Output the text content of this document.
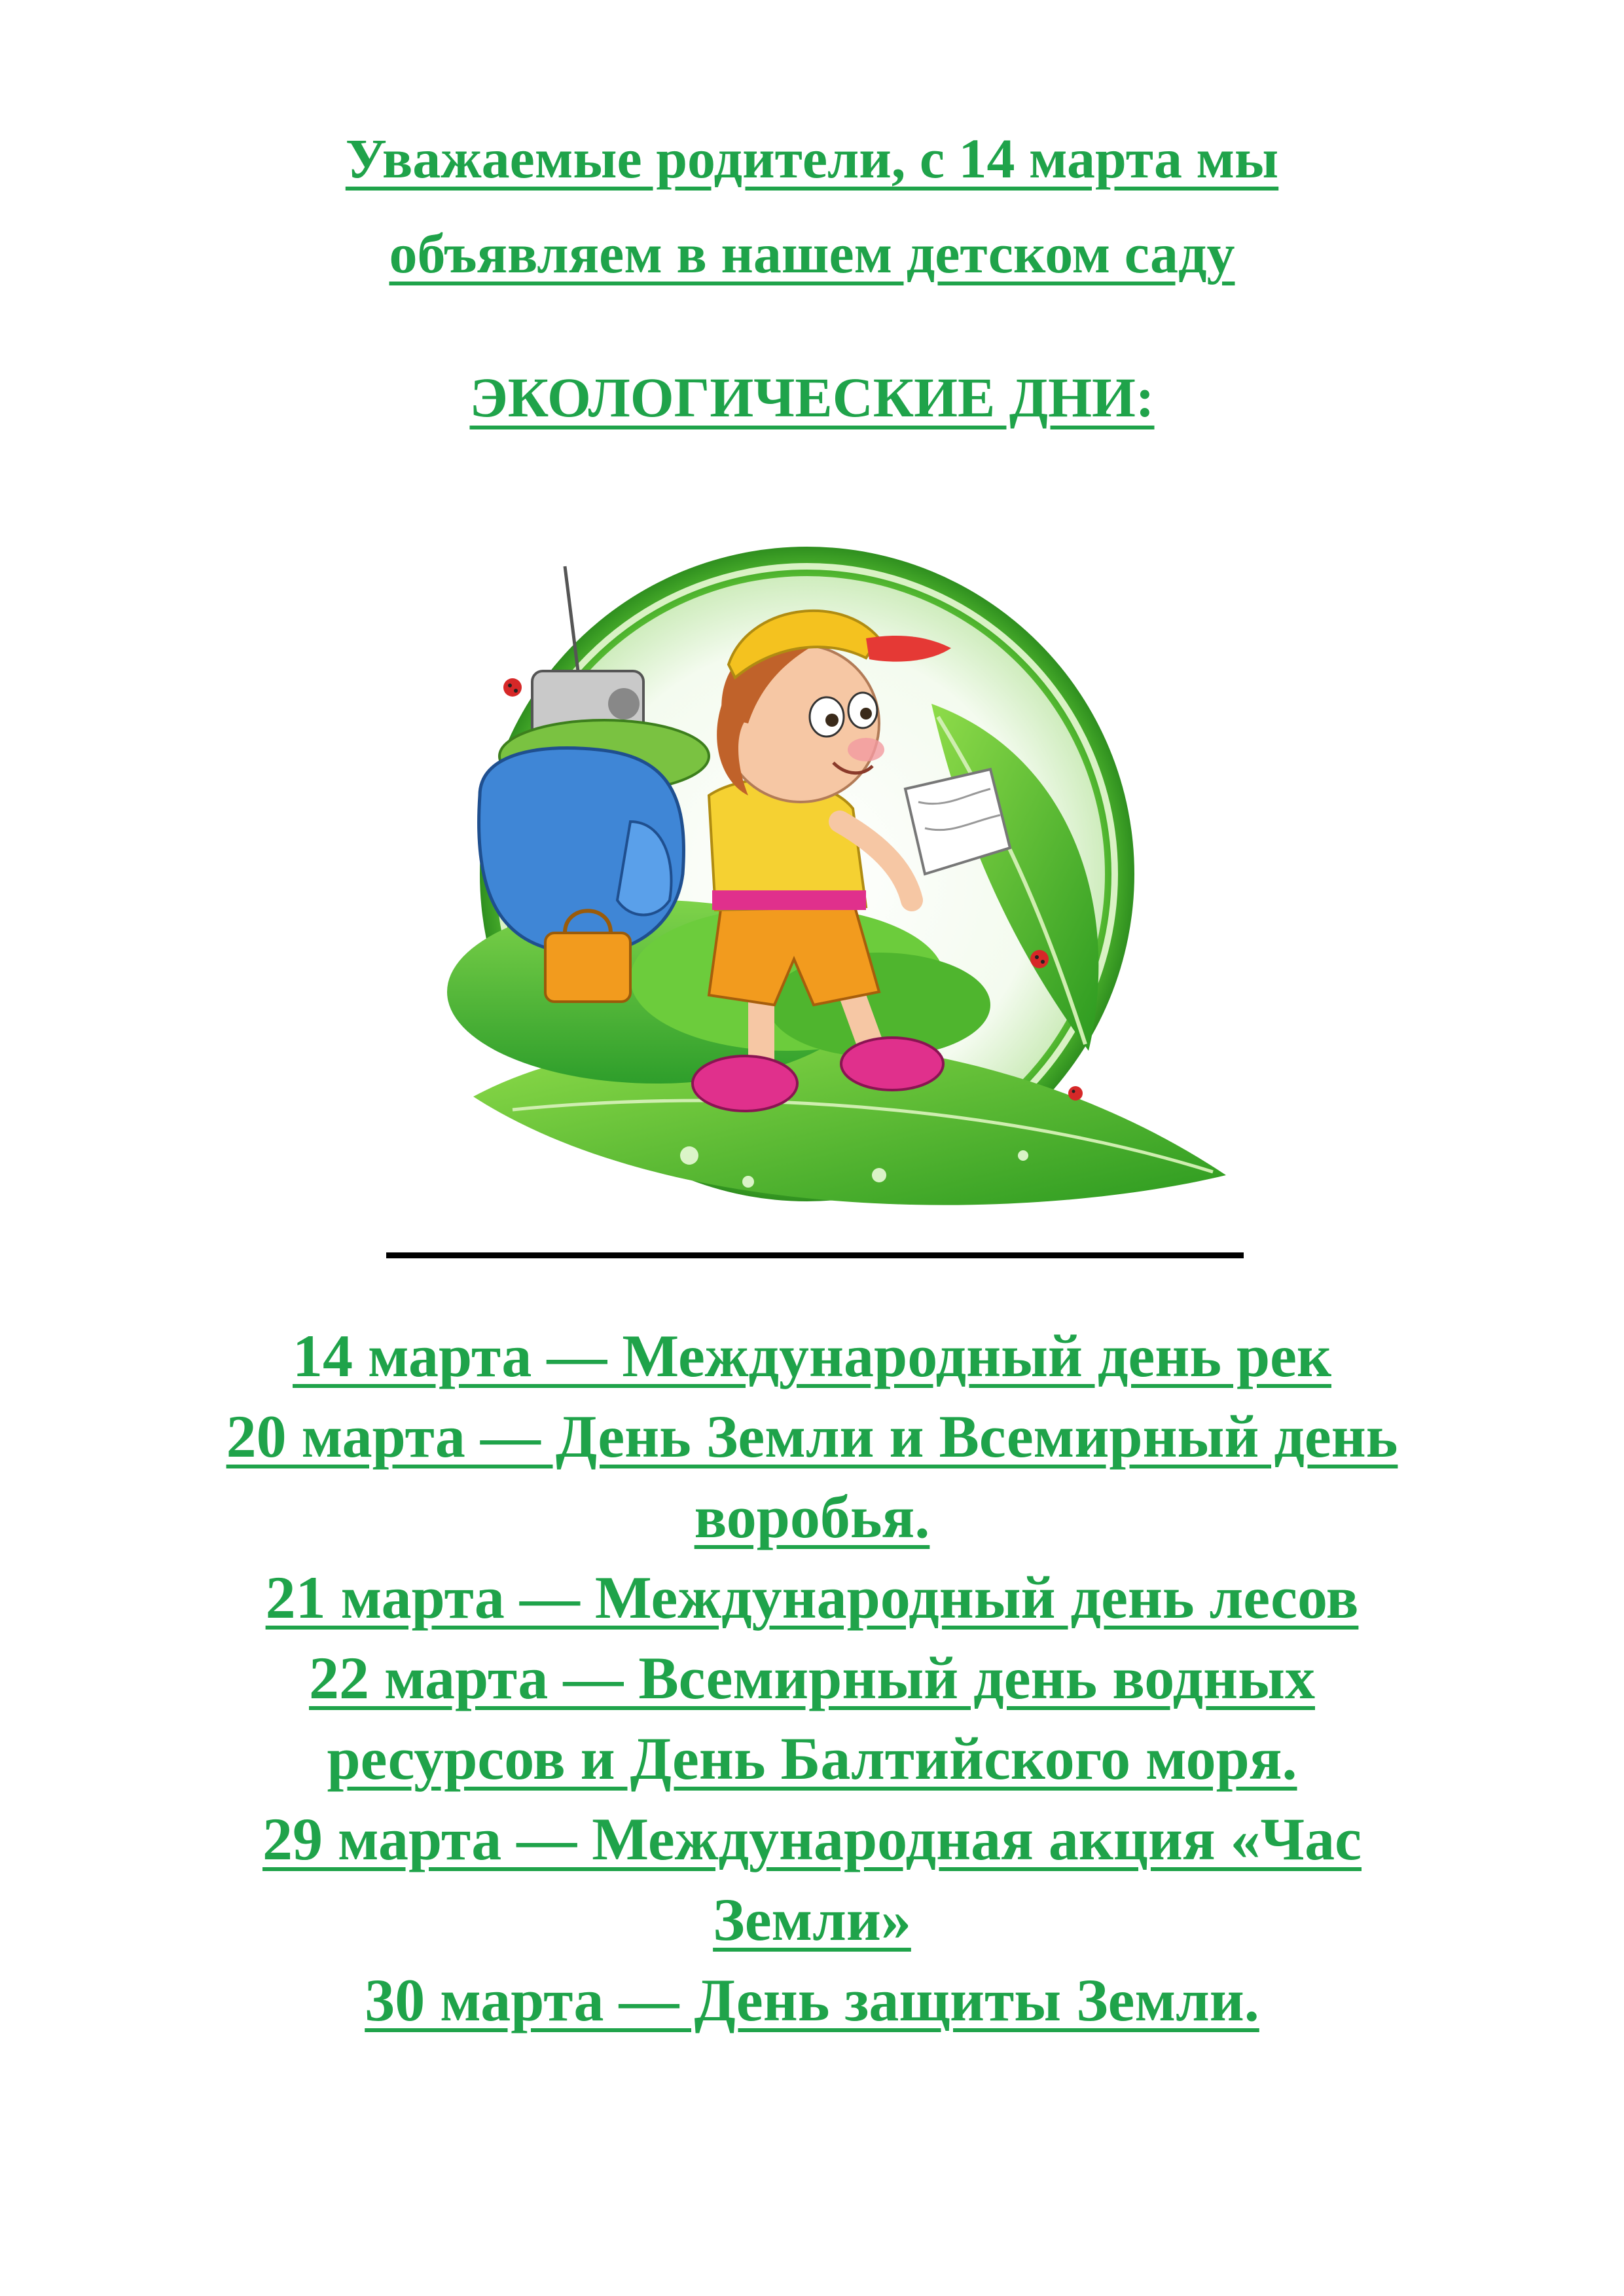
Уважаемые родители, с 14 марта мы
объявляем в нашем детском саду
ЭКОЛОГИЧЕСКИЕ ДНИ:
14 марта — Международный день рек
20 марта — День Земли и Всемирный день
воробья.
21 марта — Международный день лесов
22 марта — Всемирный день водных
ресурсов и День Балтийского моря.
29 марта — Международная акция «Час
Земли»
30 марта — День защиты Земли.
